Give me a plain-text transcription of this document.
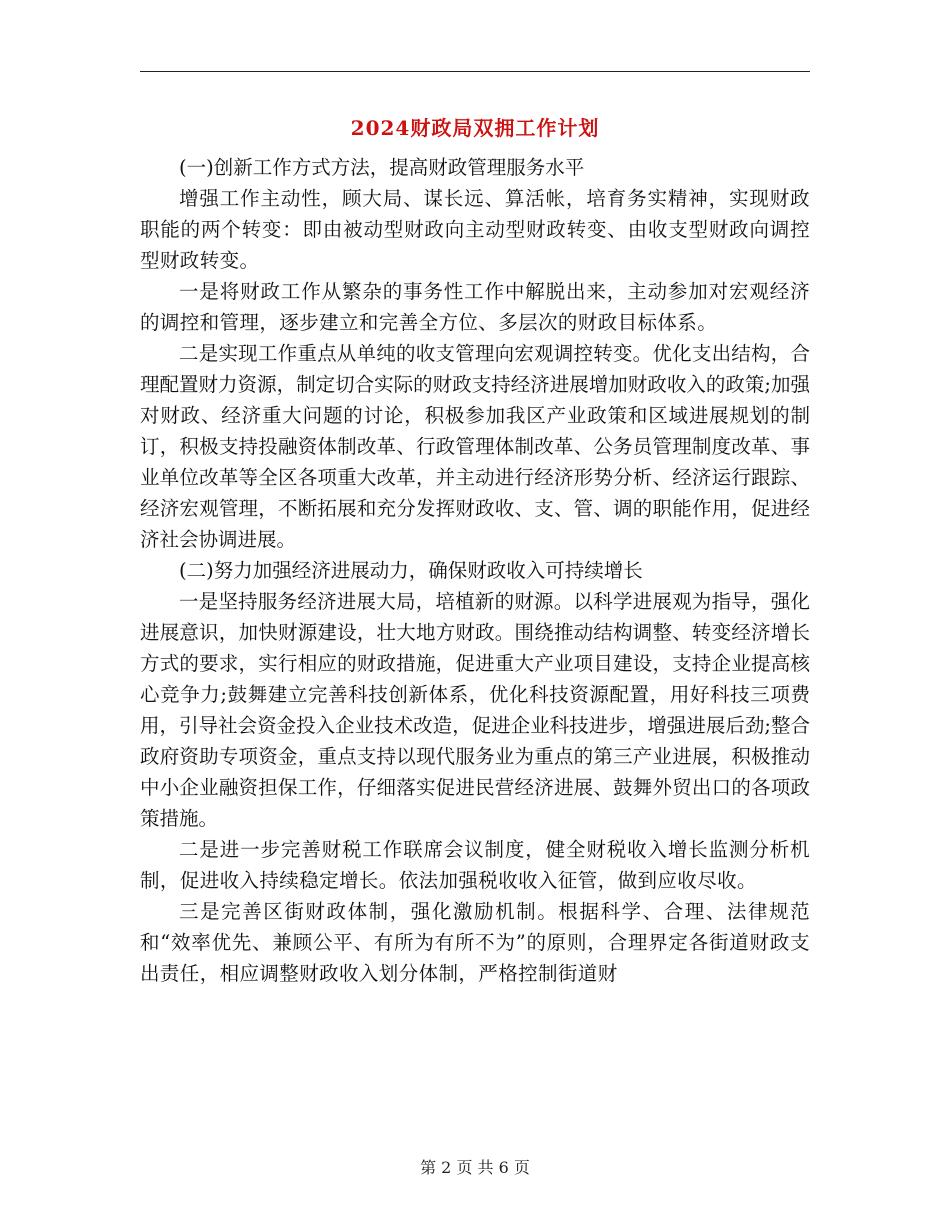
2024财政局双拥工作计划

(一)创新工作方式方法，提高财政管理服务水平

增强工作主动性，顾大局、谋长远、算活帐，培育务实精神，实现财政职能的两个转变：即由被动型财政向主动型财政转变、由收支型财政向调控型财政转变。

一是将财政工作从繁杂的事务性工作中解脱出来，主动参加对宏观经济的调控和管理，逐步建立和完善全方位、多层次的财政目标体系。

二是实现工作重点从单纯的收支管理向宏观调控转变。优化支出结构，合理配置财力资源，制定切合实际的财政支持经济进展增加财政收入的政策;加强对财政、经济重大问题的讨论，积极参加我区产业政策和区域进展规划的制订，积极支持投融资体制改革、行政管理体制改革、公务员管理制度改革、事业单位改革等全区各项重大改革，并主动进行经济形势分析、经济运行跟踪、经济宏观管理，不断拓展和充分发挥财政收、支、管、调的职能作用，促进经济社会协调进展。

(二)努力加强经济进展动力，确保财政收入可持续增长

一是坚持服务经济进展大局，培植新的财源。以科学进展观为指导，强化进展意识，加快财源建设，壮大地方财政。围绕推动结构调整、转变经济增长方式的要求，实行相应的财政措施，促进重大产业项目建设，支持企业提高核心竞争力;鼓舞建立完善科技创新体系，优化科技资源配置，用好科技三项费用，引导社会资金投入企业技术改造，促进企业科技进步，增强进展后劲;整合政府资助专项资金，重点支持以现代服务业为重点的第三产业进展，积极推动中小企业融资担保工作，仔细落实促进民营经济进展、鼓舞外贸出口的各项政策措施。

二是进一步完善财税工作联席会议制度，健全财税收入增长监测分析机制，促进收入持续稳定增长。依法加强税收收入征管，做到应收尽收。

三是完善区街财政体制，强化激励机制。根据科学、合理、法律规范和“效率优先、兼顾公平、有所为有所不为”的原则，合理界定各街道财政支出责任，相应调整财政收入划分体制，严格控制街道财

第 2 页 共 6 页
